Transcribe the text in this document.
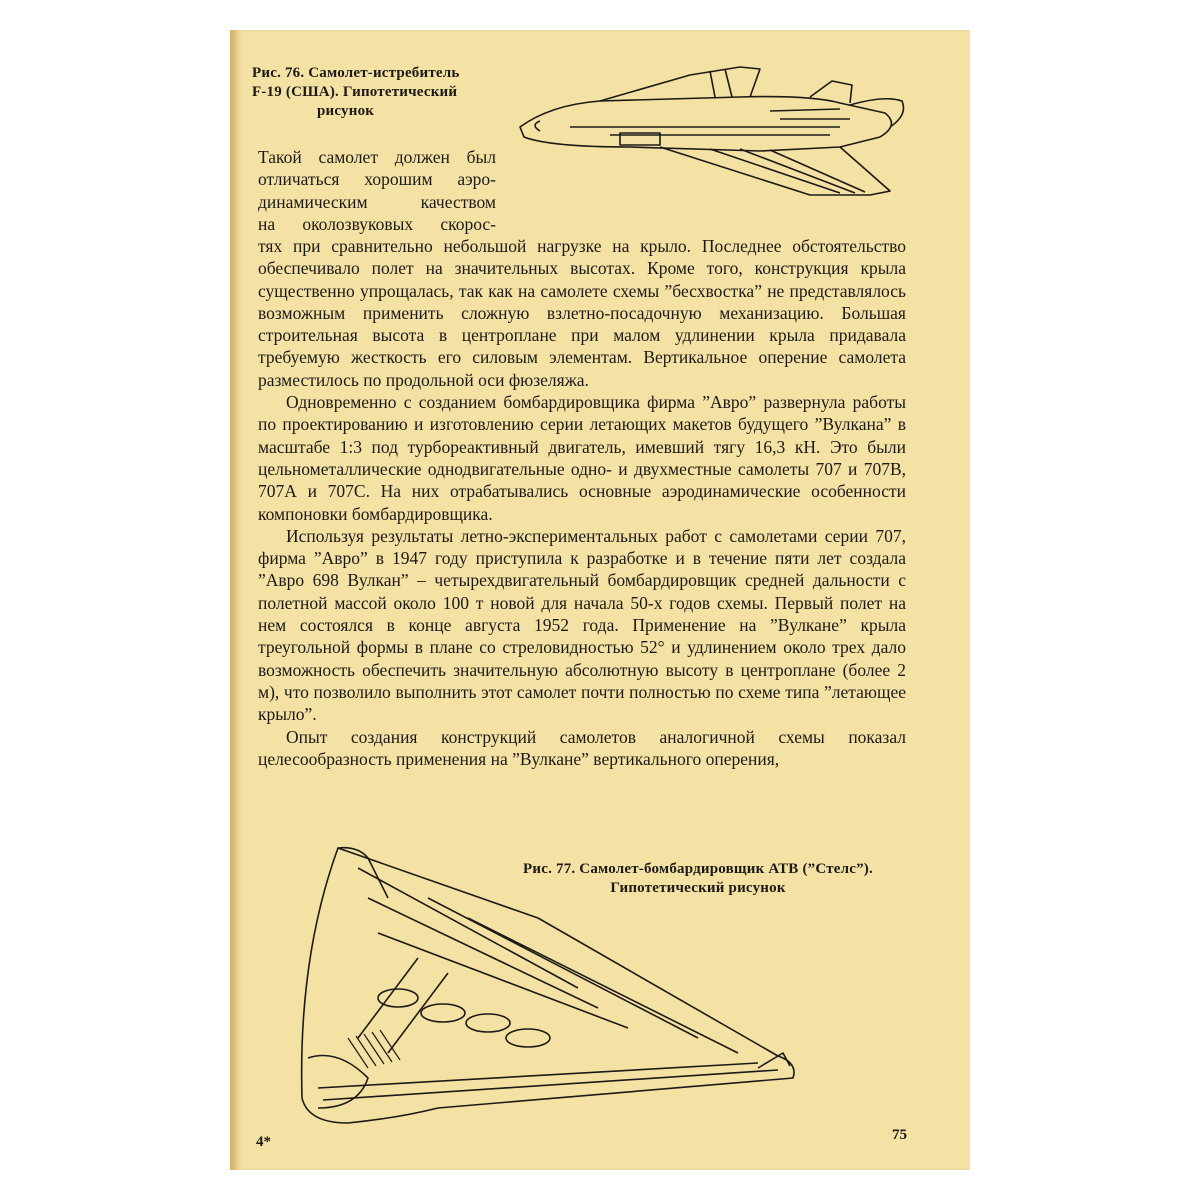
Рис. 76. Самолет-истребитель
F-19 (США). Гипотетический
рисунок
Такой самолет должен был
отличаться хорошим аэро-
динамическим качеством
на околозвуковых скорос-

тях при сравнительно небольшой нагрузке на крыло. Последнее обстоятельство обеспечивало полет на значительных высотах. Кроме того, конструкция крыла существенно упрощалась, так как на самолете схемы ”бесхвостка” не представлялось возможным применить сложную взлетно-посадочную механизацию. Большая строительная высота в центроплане при малом удлинении крыла придавала требуемую жесткость его силовым элементам. Вертикальное оперение самолета разместилось по продольной оси фюзеляжа.

Одновременно с созданием бомбардировщика фирма ”Авро” развернула работы по проектированию и изготовлению серии летающих макетов будущего ”Вулкана” в масштабе 1:3 под турбореактивный двигатель, имевший тягу 16,3 кН. Это были цельнометаллические однодвигательные одно- и двухместные самолеты 707 и 707В, 707А и 707С. На них отрабатывались основные аэродинамические особенности компоновки бомбардировщика.

Используя результаты летно-экспериментальных работ с самолетами серии 707, фирма ”Авро” в 1947 году приступила к разработке и в течение пяти лет создала ”Авро 698 Вулкан” – четырехдвигательный бомбардировщик средней дальности с полетной массой около 100 т новой для начала 50-х годов схемы. Первый полет на нем состоялся в конце августа 1952 года. Применение на ”Вулкане” крыла треугольной формы в плане со стреловидностью 52° и удлинением около трех дало возможность обеспечить значительную абсолютную высоту в центроплане (более 2 м), что позволило выполнить этот самолет почти полностью по схеме типа ”летающее крыло”.

Опыт создания конструкций самолетов аналогичной схемы показал целесообразность применения на ”Вулкане” вертикального оперения,

Рис. 77. Самолет-бомбардировщик АТВ (”Стелс”).
Гипотетический рисунок
4*	75
